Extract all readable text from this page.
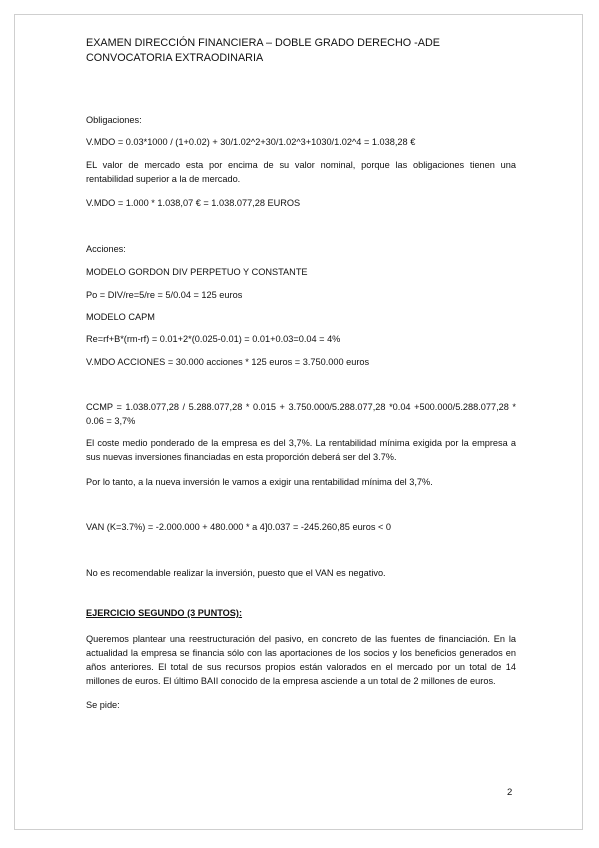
EXAMEN DIRECCIÓN FINANCIERA – DOBLE GRADO DERECHO -ADE
CONVOCATORIA EXTRAODINARIA

Obligaciones:

V.MDO = 0.03*1000 / (1+0.02) + 30/1.02^2+30/1.02^3+1030/1.02^4 = 1.038,28 €

EL valor de mercado esta por encima de su valor nominal, porque las obligaciones tienen una rentabilidad superior a la de mercado.

V.MDO = 1.000 * 1.038,07 € = 1.038.077,28 EUROS

Acciones:

MODELO GORDON DIV PERPETUO Y CONSTANTE

Po = DIV/re=5/re = 5/0.04 = 125 euros

MODELO CAPM

Re=rf+B*(rm-rf) = 0.01+2*(0.025-0.01) = 0.01+0.03=0.04 = 4%

V.MDO ACCIONES = 30.000 acciones * 125 euros = 3.750.000 euros

CCMP = 1.038.077,28 / 5.288.077,28 * 0.015 + 3.750.000/5.288.077,28 *0.04 +500.000/5.288.077,28 * 0.06 = 3,7%

El coste medio ponderado de la empresa es del 3,7%. La rentabilidad mínima exigida por la empresa a sus nuevas inversiones financiadas en esta proporción deberá ser del 3.7%.

Por lo tanto, a la nueva inversión le vamos a exigir una rentabilidad mínima del 3,7%.

VAN (K=3.7%) = -2.000.000 + 480.000 * a 4]0.037 = -245.260,85 euros < 0

No es recomendable realizar la inversión, puesto que el VAN es negativo.

EJERCICIO SEGUNDO (3 PUNTOS):

Queremos plantear una reestructuración del pasivo, en concreto de las fuentes de financiación. En la actualidad la empresa se financia sólo con las aportaciones de los socios y los beneficios generados en años anteriores. El total de sus recursos propios están valorados en el mercado por un total de 14 millones de euros. El último BAII conocido de la empresa asciende a un total de 2 millones de euros.

Se pide:

2
